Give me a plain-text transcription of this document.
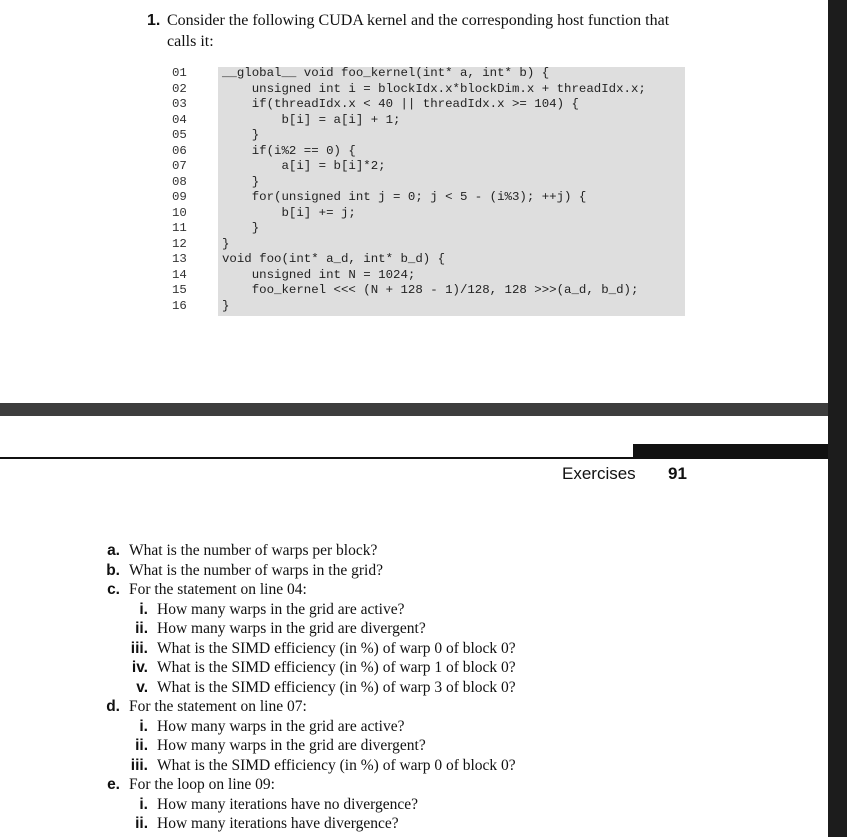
Exercises 91
1. Consider the following CUDA kernel and the corresponding host function that
calls it:
01	__global__ void foo_kernel(int* a, int* b) {
02	unsigned int i = blockIdx.x*blockDim.x + threadIdx.x;
03	if(threadIdx.x < 40 || threadIdx.x >= 104) {
04	b[i] = a[i] + 1;
05	}
06	if(i%2 == 0) {
07	a[i] = b[i]*2;
08	}
09	for(unsigned int j = 0; j < 5 - (i%3); ++j) {
10	b[i] += j;
11	}
12	}
13	void foo(int* a_d, int* b_d) {
14	unsigned int N = 1024;
15	foo_kernel <<< (N + 128 - 1)/128, 128 >>>(a_d, b_d);
16	}
a. What is the number of warps per block?
b. What is the number of warps in the grid?
c. For the statement on line 04:
i. How many warps in the grid are active?
ii. How many warps in the grid are divergent?
iii. What is the SIMD efficiency (in %) of warp 0 of block 0?
iv. What is the SIMD efficiency (in %) of warp 1 of block 0?
v. What is the SIMD efficiency (in %) of warp 3 of block 0?
d. For the statement on line 07:
i. How many warps in the grid are active?
ii. How many warps in the grid are divergent?
iii. What is the SIMD efficiency (in %) of warp 0 of block 0?
e. For the loop on line 09:
i. How many iterations have no divergence?
ii. How many iterations have divergence?
